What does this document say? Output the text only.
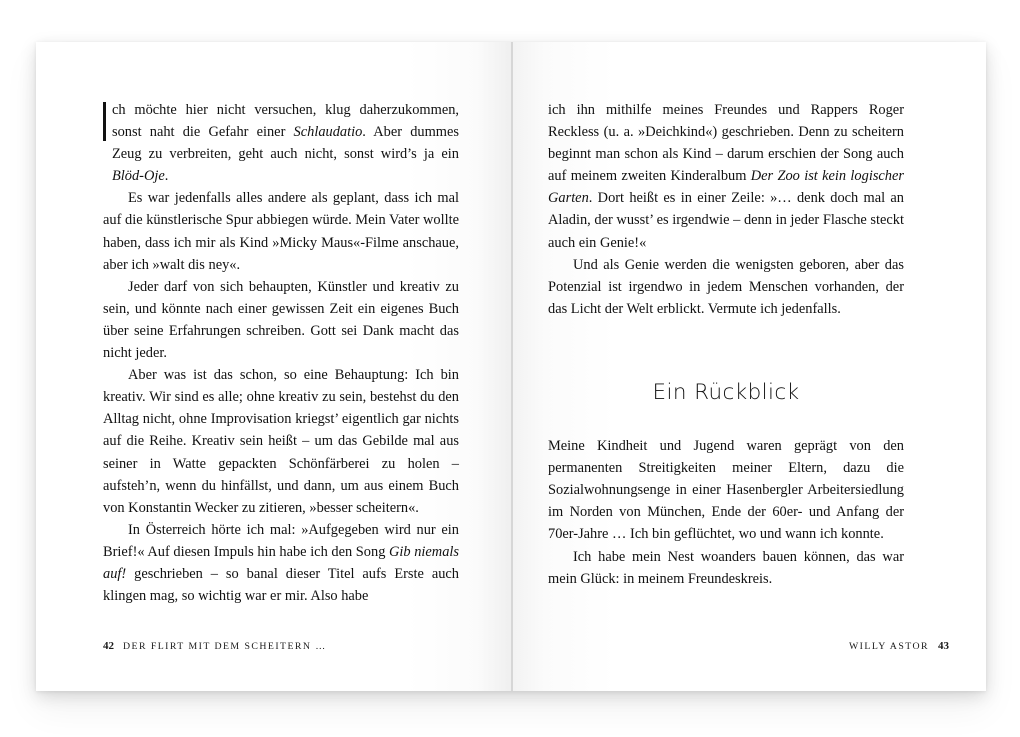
ch möchte hier nicht versuchen, klug daherzukommen, sonst naht die Gefahr einer Schlaudatio. Aber dummes Zeug zu verbreiten, geht auch nicht, sonst wird’s ja ein Blöd-Oje.

Es war jedenfalls alles andere als geplant, dass ich mal auf die künstlerische Spur abbiegen würde. Mein Vater wollte haben, dass ich mir als Kind »Micky Maus«-Filme anschaue, aber ich »walt dis ney«.

Jeder darf von sich behaupten, Künstler und kreativ zu sein, und könnte nach einer gewissen Zeit ein eigenes Buch über seine Erfahrungen schreiben. Gott sei Dank macht das nicht jeder.

Aber was ist das schon, so eine Behauptung: Ich bin kreativ. Wir sind es alle; ohne kreativ zu sein, bestehst du den Alltag nicht, ohne Improvisation kriegst’ eigentlich gar nichts auf die Reihe. Kreativ sein heißt – um das Gebilde mal aus seiner in Watte gepackten Schönfärberei zu holen – aufsteh’n, wenn du hinfällst, und dann, um aus einem Buch von Konstantin Wecker zu zitieren, »besser scheitern«.

In Österreich hörte ich mal: »Aufgegeben wird nur ein Brief!« Auf diesen Impuls hin habe ich den Song Gib niemals auf! geschrieben – so banal dieser Titel aufs Erste auch klingen mag, so wichtig war er mir. Also habe

42 DER FLIRT MIT DEM SCHEITERN …

ich ihn mithilfe meines Freundes und Rappers Roger Reckless (u. a. »Deichkind«) geschrieben. Denn zu scheitern beginnt man schon als Kind – darum erschien der Song auch auf meinem zweiten Kinderalbum Der Zoo ist kein logischer Garten. Dort heißt es in einer Zeile: »… denk doch mal an Aladin, der wusst’ es irgendwie – denn in jeder Flasche steckt auch ein Genie!«

Und als Genie werden die wenigsten geboren, aber das Potenzial ist irgendwo in jedem Menschen vorhanden, der das Licht der Welt erblickt. Vermute ich jedenfalls.

Ein Rückblick

Meine Kindheit und Jugend waren geprägt von den permanenten Streitigkeiten meiner Eltern, dazu die Sozialwohnungsenge in einer Hasenbergler Arbeitersiedlung im Norden von München, Ende der 60er- und Anfang der 70er-Jahre … Ich bin geflüchtet, wo und wann ich konnte.

Ich habe mein Nest woanders bauen können, das war mein Glück: in meinem Freundeskreis.

WILLY ASTOR 43
